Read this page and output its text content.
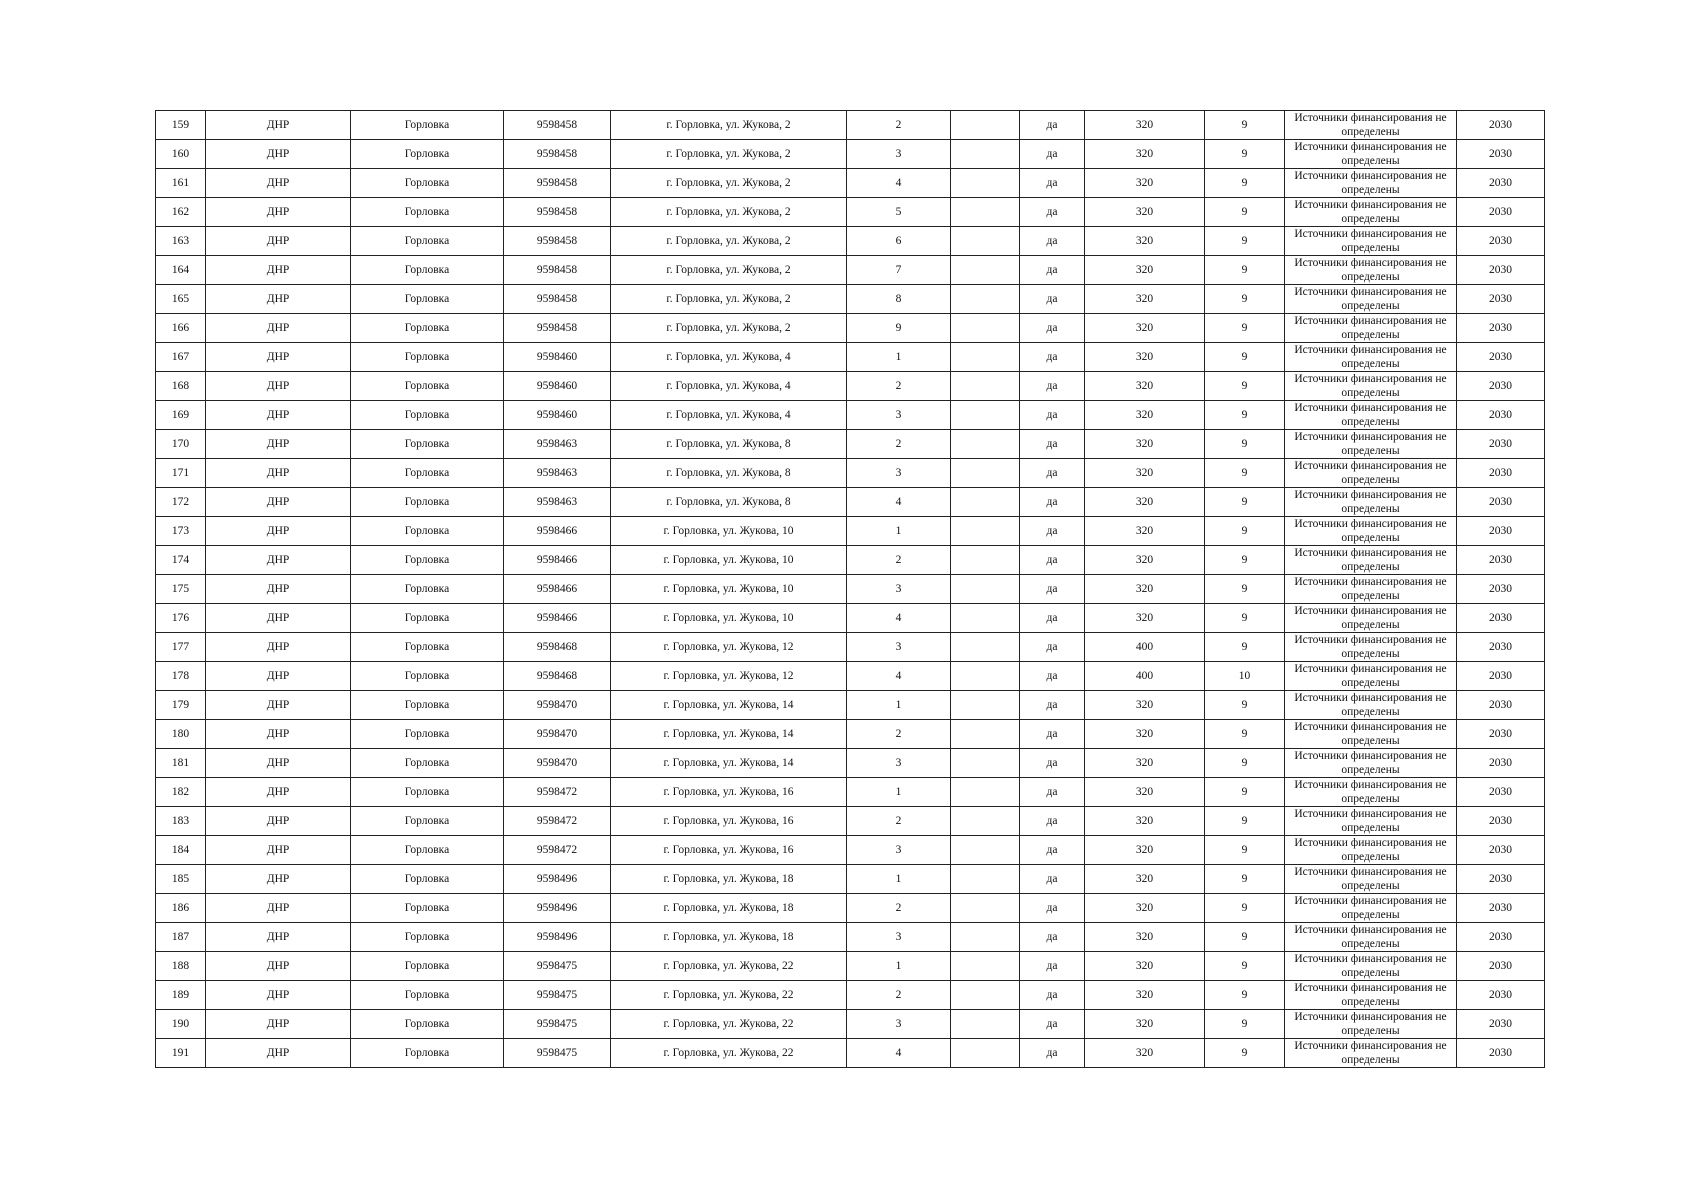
159	ДНР	Горловка	9598458	г. Горловка, ул. Жукова, 2	2		да	320	9	Источники финансирования не определены	2030
160	ДНР	Горловка	9598458	г. Горловка, ул. Жукова, 2	3		да	320	9	Источники финансирования не определены	2030
161	ДНР	Горловка	9598458	г. Горловка, ул. Жукова, 2	4		да	320	9	Источники финансирования не определены	2030
162	ДНР	Горловка	9598458	г. Горловка, ул. Жукова, 2	5		да	320	9	Источники финансирования не определены	2030
163	ДНР	Горловка	9598458	г. Горловка, ул. Жукова, 2	6		да	320	9	Источники финансирования не определены	2030
164	ДНР	Горловка	9598458	г. Горловка, ул. Жукова, 2	7		да	320	9	Источники финансирования не определены	2030
165	ДНР	Горловка	9598458	г. Горловка, ул. Жукова, 2	8		да	320	9	Источники финансирования не определены	2030
166	ДНР	Горловка	9598458	г. Горловка, ул. Жукова, 2	9		да	320	9	Источники финансирования не определены	2030
167	ДНР	Горловка	9598460	г. Горловка, ул. Жукова, 4	1		да	320	9	Источники финансирования не определены	2030
168	ДНР	Горловка	9598460	г. Горловка, ул. Жукова, 4	2		да	320	9	Источники финансирования не определены	2030
169	ДНР	Горловка	9598460	г. Горловка, ул. Жукова, 4	3		да	320	9	Источники финансирования не определены	2030
170	ДНР	Горловка	9598463	г. Горловка, ул. Жукова, 8	2		да	320	9	Источники финансирования не определены	2030
171	ДНР	Горловка	9598463	г. Горловка, ул. Жукова, 8	3		да	320	9	Источники финансирования не определены	2030
172	ДНР	Горловка	9598463	г. Горловка, ул. Жукова, 8	4		да	320	9	Источники финансирования не определены	2030
173	ДНР	Горловка	9598466	г. Горловка, ул. Жукова, 10	1		да	320	9	Источники финансирования не определены	2030
174	ДНР	Горловка	9598466	г. Горловка, ул. Жукова, 10	2		да	320	9	Источники финансирования не определены	2030
175	ДНР	Горловка	9598466	г. Горловка, ул. Жукова, 10	3		да	320	9	Источники финансирования не определены	2030
176	ДНР	Горловка	9598466	г. Горловка, ул. Жукова, 10	4		да	320	9	Источники финансирования не определены	2030
177	ДНР	Горловка	9598468	г. Горловка, ул. Жукова, 12	3		да	400	9	Источники финансирования не определены	2030
178	ДНР	Горловка	9598468	г. Горловка, ул. Жукова, 12	4		да	400	10	Источники финансирования не определены	2030
179	ДНР	Горловка	9598470	г. Горловка, ул. Жукова, 14	1		да	320	9	Источники финансирования не определены	2030
180	ДНР	Горловка	9598470	г. Горловка, ул. Жукова, 14	2		да	320	9	Источники финансирования не определены	2030
181	ДНР	Горловка	9598470	г. Горловка, ул. Жукова, 14	3		да	320	9	Источники финансирования не определены	2030
182	ДНР	Горловка	9598472	г. Горловка, ул. Жукова, 16	1		да	320	9	Источники финансирования не определены	2030
183	ДНР	Горловка	9598472	г. Горловка, ул. Жукова, 16	2		да	320	9	Источники финансирования не определены	2030
184	ДНР	Горловка	9598472	г. Горловка, ул. Жукова, 16	3		да	320	9	Источники финансирования не определены	2030
185	ДНР	Горловка	9598496	г. Горловка, ул. Жукова, 18	1		да	320	9	Источники финансирования не определены	2030
186	ДНР	Горловка	9598496	г. Горловка, ул. Жукова, 18	2		да	320	9	Источники финансирования не определены	2030
187	ДНР	Горловка	9598496	г. Горловка, ул. Жукова, 18	3		да	320	9	Источники финансирования не определены	2030
188	ДНР	Горловка	9598475	г. Горловка, ул. Жукова, 22	1		да	320	9	Источники финансирования не определены	2030
189	ДНР	Горловка	9598475	г. Горловка, ул. Жукова, 22	2		да	320	9	Источники финансирования не определены	2030
190	ДНР	Горловка	9598475	г. Горловка, ул. Жукова, 22	3		да	320	9	Источники финансирования не определены	2030
191	ДНР	Горловка	9598475	г. Горловка, ул. Жукова, 22	4		да	320	9	Источники финансирования не определены	2030
